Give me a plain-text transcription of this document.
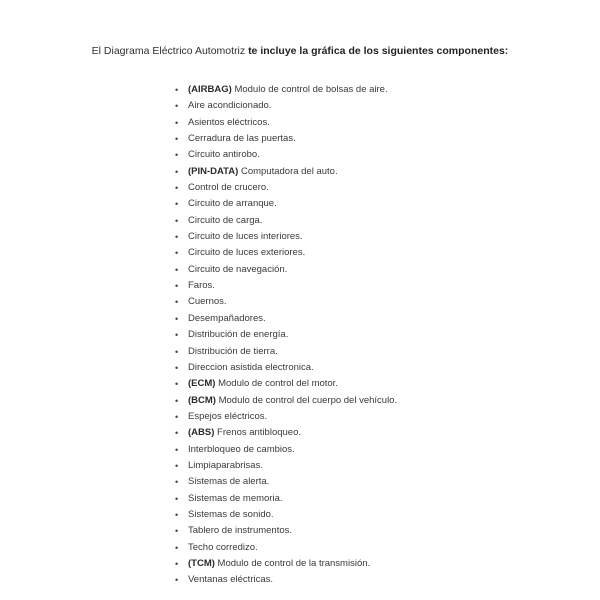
El Diagrama Eléctrico Automotriz te incluye la gráfica de los siguientes componentes:
• (AIRBAG) Modulo de control de bolsas de aire.
• Aire acondicionado.
• Asientos eléctricos.
• Cerradura de las puertas.
• Circuito antirobo.
• (PIN-DATA) Computadora del auto.
• Control de crucero.
• Circuito de arranque.
• Circuito de carga.
• Circuito de luces interiores.
• Circuito de luces exteriores.
• Circuito de navegación.
• Faros.
• Cuernos.
• Desempañadores.
• Distribución de energía.
• Distribución de tierra.
• Direccion asistida electronica.
• (ECM) Modulo de control del motor.
• (BCM) Modulo de control del cuerpo del vehículo.
• Espejos eléctricos.
• (ABS) Frenos antibloqueo.
• Interbloqueo de cambios.
• Limpiaparabrisas.
• Sistemas de alerta.
• Sistemas de memoria.
• Sistemas de sonido.
• Tablero de instrumentos.
• Techo corredizo.
• (TCM) Modulo de control de la transmisión.
• Ventanas eléctricas.
